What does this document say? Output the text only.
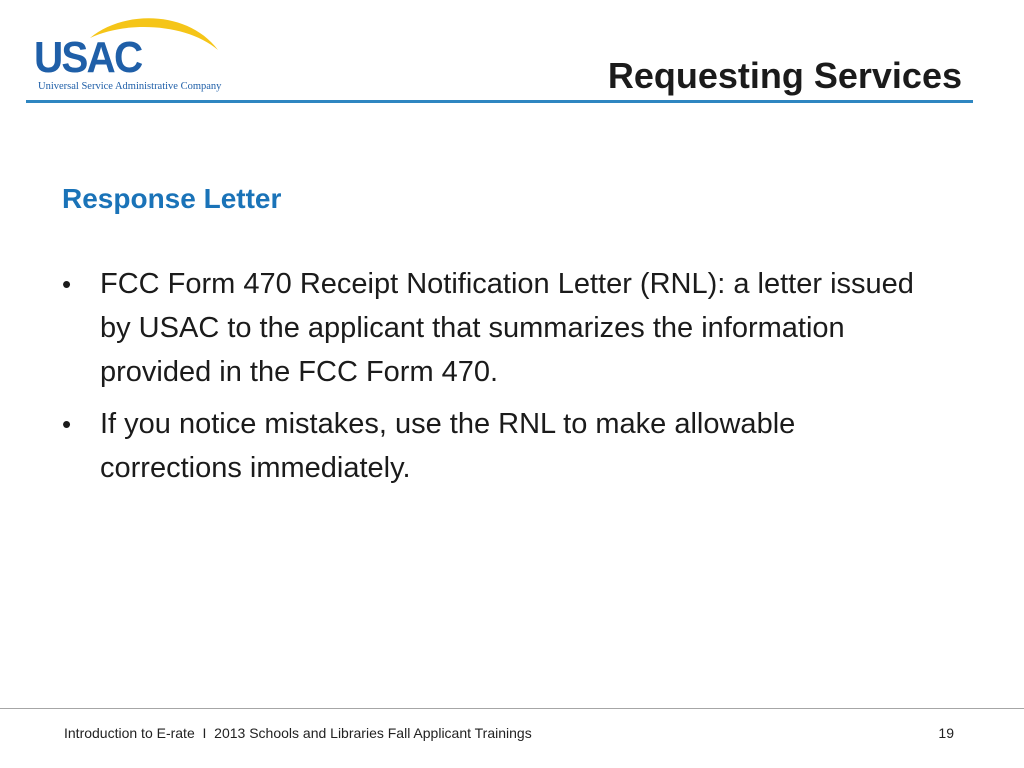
USAC
Universal Service Administrative Company	Requesting Services
Response Letter
• FCC Form 470 Receipt Notification Letter (RNL): a letter issued by USAC to the applicant that summarizes the information provided in the FCC Form 470.
• If you notice mistakes, use the RNL to make allowable corrections immediately.
Introduction to E-rate  I  2013 Schools and Libraries Fall Applicant Trainings	19
